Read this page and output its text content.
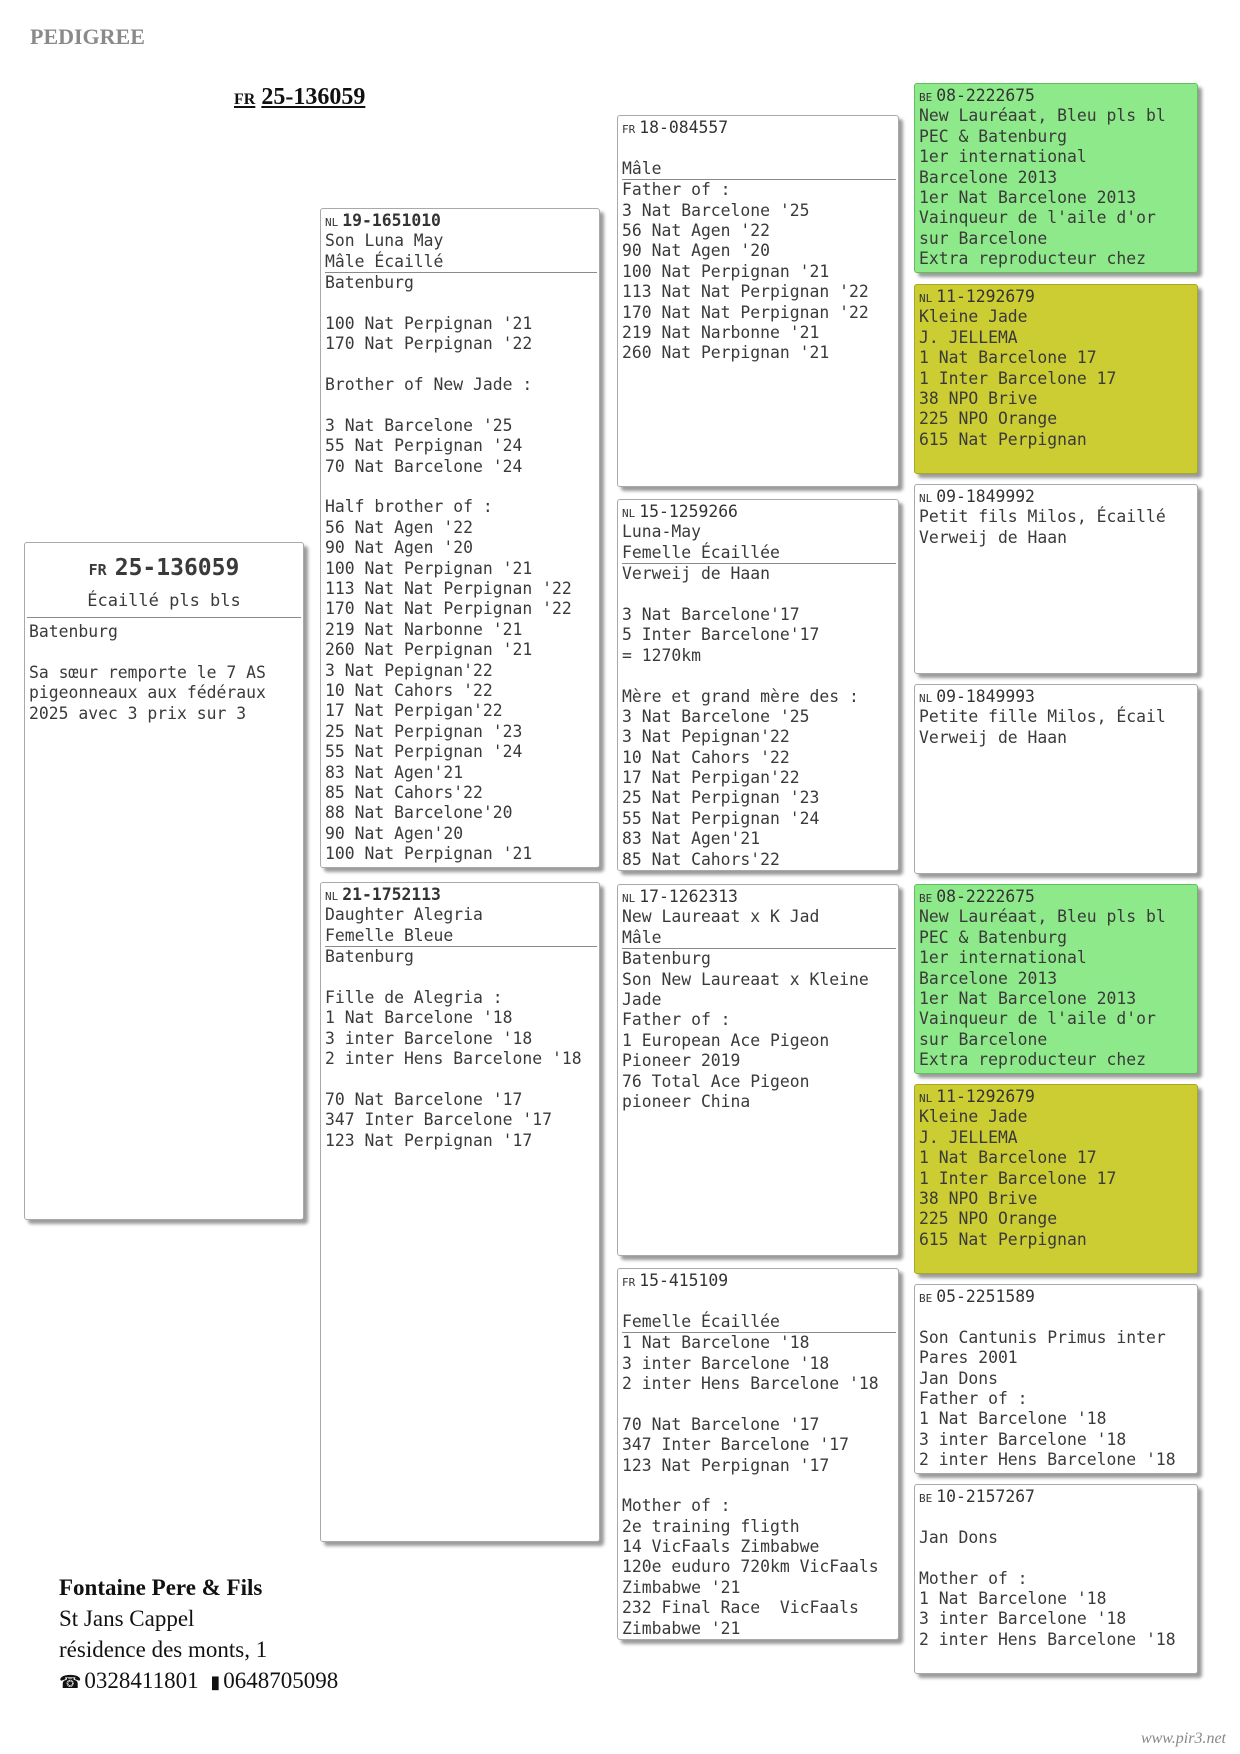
PEDIGREE
FR 25-136059
FR 25-136059
Écaillé pls bls
Batenburg
Sa sœur remporte le 7 AS
pigeonneaux aux fédéraux
2025 avec 3 prix sur 3
NL 19-1651010
Son Luna May
Mâle Écaillé
Batenburg
100 Nat Perpignan '21
170 Nat Perpignan '22
Brother of New Jade :
3 Nat Barcelone '25
55 Nat Perpignan '24
70 Nat Barcelone '24
Half brother of :
56 Nat Agen '22
90 Nat Agen '20
100 Nat Perpignan '21
113 Nat Nat Perpignan '22
170 Nat Nat Perpignan '22
219 Nat Narbonne '21
260 Nat Perpignan '21
3 Nat Pepignan'22
10 Nat Cahors '22
17 Nat Perpigan'22
25 Nat Perpignan '23
55 Nat Perpignan '24
83 Nat Agen'21
85 Nat Cahors'22
88 Nat Barcelone'20
90 Nat Agen'20
100 Nat Perpignan '21
NL 21-1752113
Daughter Alegria
Femelle Bleue
Batenburg
Fille de Alegria :
1 Nat Barcelone '18
3 inter Barcelone '18
2 inter Hens Barcelone '18
70 Nat Barcelone '17
347 Inter Barcelone '17
123 Nat Perpignan '17
FR 18-084557
Mâle
Father of :
3 Nat Barcelone '25
56 Nat Agen '22
90 Nat Agen '20
100 Nat Perpignan '21
113 Nat Nat Perpignan '22
170 Nat Nat Perpignan '22
219 Nat Narbonne '21
260 Nat Perpignan '21
NL 15-1259266
Luna-May
Femelle Écaillée
Verweij de Haan
3 Nat Barcelone'17
5 Inter Barcelone'17
= 1270km
Mère et grand mère des :
3 Nat Barcelone '25
3 Nat Pepignan'22
10 Nat Cahors '22
17 Nat Perpigan'22
25 Nat Perpignan '23
55 Nat Perpignan '24
83 Nat Agen'21
85 Nat Cahors'22
NL 17-1262313
New Laureaat x K Jad
Mâle
Batenburg
Son New Laureaat x Kleine
Jade
Father of :
1 European Ace Pigeon
Pioneer 2019
76 Total Ace Pigeon
pioneer China
FR 15-415109
Femelle Écaillée
1 Nat Barcelone '18
3 inter Barcelone '18
2 inter Hens Barcelone '18
70 Nat Barcelone '17
347 Inter Barcelone '17
123 Nat Perpignan '17
Mother of :
2e training fligth
14 VicFaals Zimbabwe
120e euduro 720km VicFaals
Zimbabwe '21
232 Final Race  VicFaals
Zimbabwe '21
BE 08-2222675
New Lauréaat, Bleu pls bl
PEC & Batenburg
1er international
Barcelone 2013
1er Nat Barcelone 2013
Vainqueur de l'aile d'or
sur Barcelone
Extra reproducteur chez
NL 11-1292679
Kleine Jade
J. JELLEMA
1 Nat Barcelone 17
1 Inter Barcelone 17
38 NPO Brive
225 NPO Orange
615 Nat Perpignan
NL 09-1849992
Petit fils Milos, Écaillé
Verweij de Haan
NL 09-1849993
Petite fille Milos, Écail
Verweij de Haan
BE 08-2222675
New Lauréaat, Bleu pls bl
PEC & Batenburg
1er international
Barcelone 2013
1er Nat Barcelone 2013
Vainqueur de l'aile d'or
sur Barcelone
Extra reproducteur chez
NL 11-1292679
Kleine Jade
J. JELLEMA
1 Nat Barcelone 17
1 Inter Barcelone 17
38 NPO Brive
225 NPO Orange
615 Nat Perpignan
BE 05-2251589
Son Cantunis Primus inter
Pares 2001
Jan Dons
Father of :
1 Nat Barcelone '18
3 inter Barcelone '18
2 inter Hens Barcelone '18
BE 10-2157267
Jan Dons
Mother of :
1 Nat Barcelone '18
3 inter Barcelone '18
2 inter Hens Barcelone '18
Fontaine Pere & Fils
St Jans Cappel
résidence des monts, 1
☎ 0328411801 ▮ 0648705098
www.pir3.net
